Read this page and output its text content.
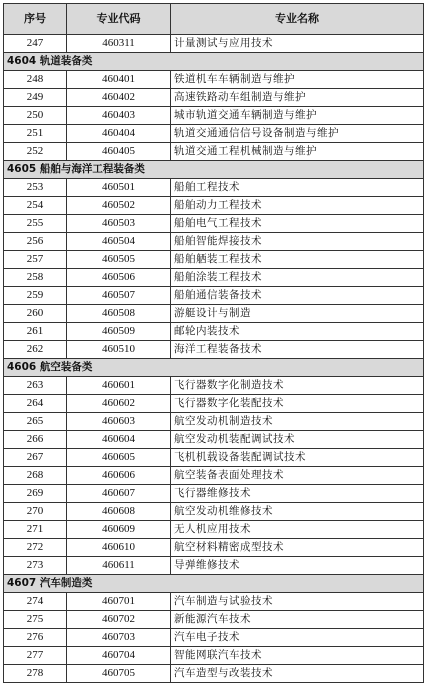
序号	专业代码	专业名称
247	460311	计量测试与应用技术
4604 轨道装备类		
248	460401	铁道机车车辆制造与维护
249	460402	高速铁路动车组制造与维护
250	460403	城市轨道交通车辆制造与维护
251	460404	轨道交通通信信号设备制造与维护
252	460405	轨道交通工程机械制造与维护
4605 船舶与海洋工程装备类		
253	460501	船舶工程技术
254	460502	船舶动力工程技术
255	460503	船舶电气工程技术
256	460504	船舶智能焊接技术
257	460505	船舶舾装工程技术
258	460506	船舶涂装工程技术
259	460507	船舶通信装备技术
260	460508	游艇设计与制造
261	460509	邮轮内装技术
262	460510	海洋工程装备技术
4606 航空装备类		
263	460601	飞行器数字化制造技术
264	460602	飞行器数字化装配技术
265	460603	航空发动机制造技术
266	460604	航空发动机装配调试技术
267	460605	飞机机载设备装配调试技术
268	460606	航空装备表面处理技术
269	460607	飞行器维修技术
270	460608	航空发动机维修技术
271	460609	无人机应用技术
272	460610	航空材料精密成型技术
273	460611	导弹维修技术
4607 汽车制造类		
274	460701	汽车制造与试验技术
275	460702	新能源汽车技术
276	460703	汽车电子技术
277	460704	智能网联汽车技术
278	460705	汽车造型与改装技术
